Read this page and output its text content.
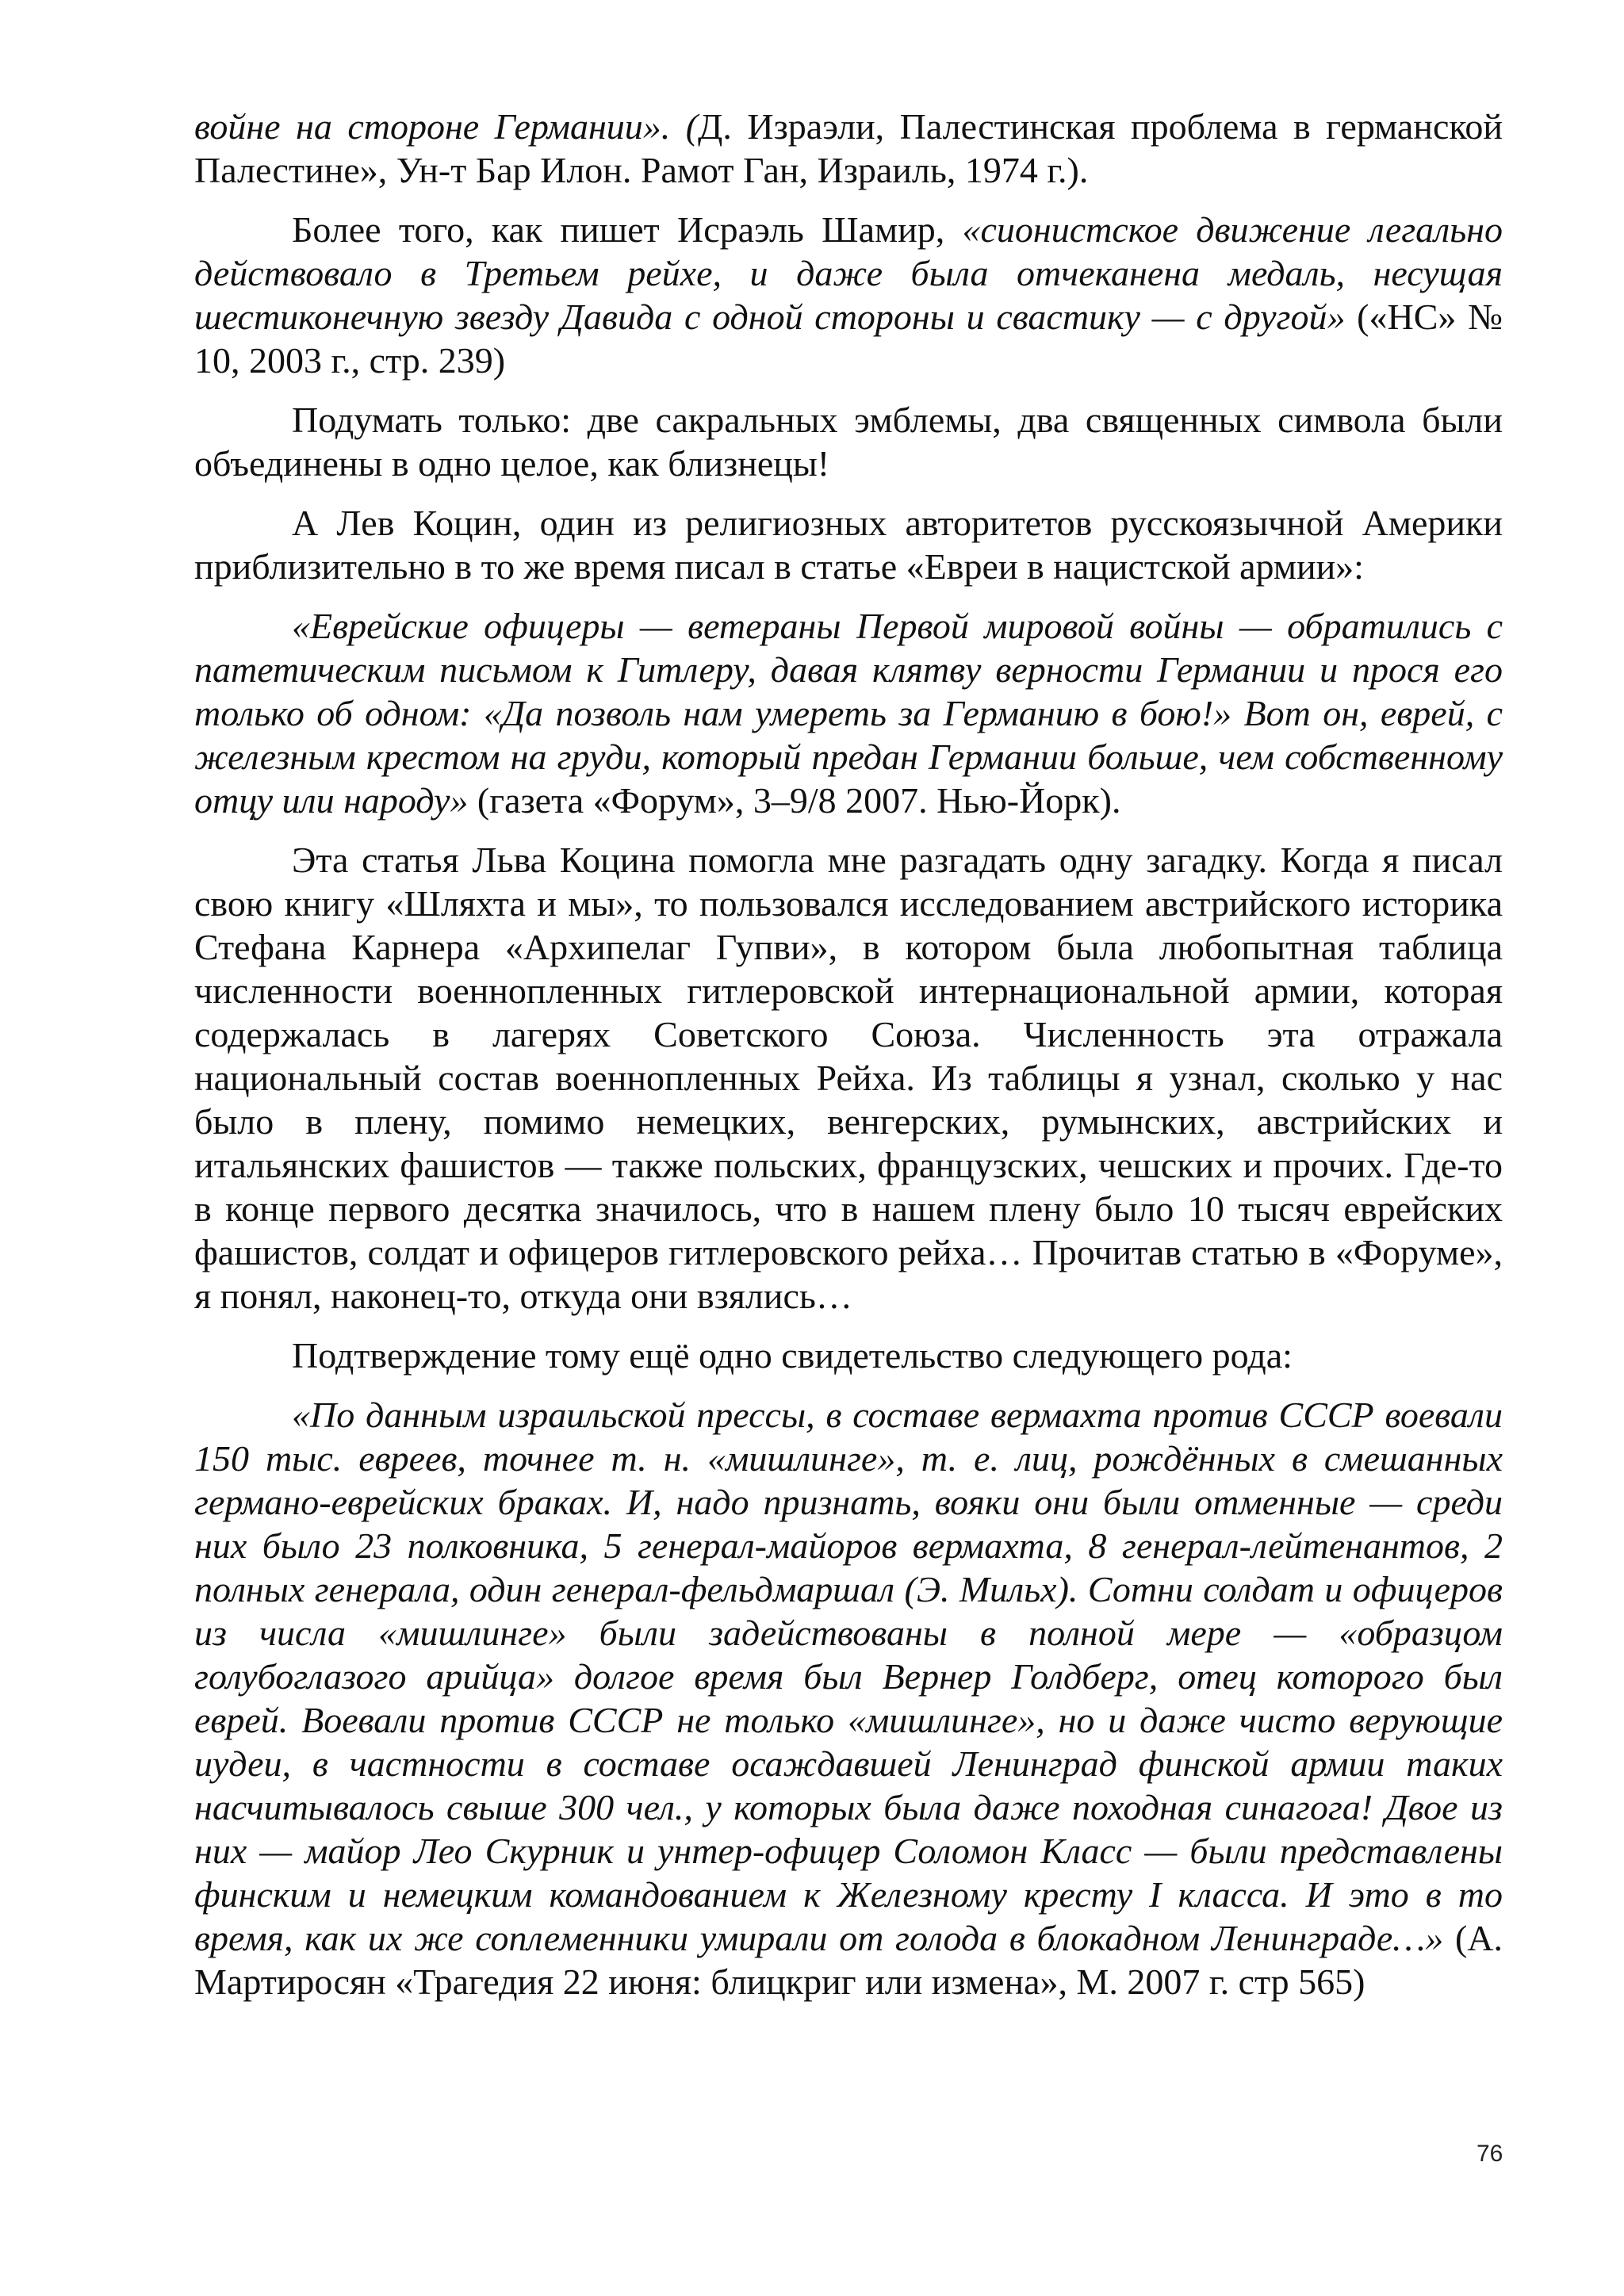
войне на стороне Германии». (Д. Израэли, Палестинская проблема в германской Палестине», Ун-т Бар Илон. Рамот Ган, Израиль, 1974 г.).

Более того, как пишет Исраэль Шамир, «сионистское движение легально действовало в Третьем рейхе, и даже была отчеканена медаль, несущая шестиконечную звезду Давида с одной стороны и свастику — с другой» («НС» № 10, 2003 г., стр. 239)

Подумать только: две сакральных эмблемы, два священных символа были объединены в одно целое, как близнецы!

А Лев Коцин, один из религиозных авторитетов русскоязычной Америки приблизительно в то же время писал в статье «Евреи в нацистской армии»:

«Еврейские офицеры — ветераны Первой мировой войны — обратились с патетическим письмом к Гитлеру, давая клятву верности Германии и прося его только об одном: «Да позволь нам умереть за Германию в бою!» Вот он, еврей, с железным крестом на груди, который предан Германии больше, чем собственному отцу или народу» (газета «Форум», 3–9/8 2007. Нью-Йорк).

Эта статья Льва Коцина помогла мне разгадать одну загадку. Когда я писал свою книгу «Шляхта и мы», то пользовался исследованием австрийского историка Стефана Карнера «Архипелаг Гупви», в котором была любопытная таблица численности военнопленных гитлеровской интернациональной армии, которая содержалась в лагерях Советского Союза. Численность эта отражала национальный состав военнопленных Рейха. Из таблицы я узнал, сколько у нас было в плену, помимо немецких, венгерских, румынских, австрийских и итальянских фашистов — также польских, французских, чешских и прочих. Где-то в конце первого десятка значилось, что в нашем плену было 10 тысяч еврейских фашистов, солдат и офицеров гитлеровского рейха… Прочитав статью в «Форуме», я понял, наконец-то, откуда они взялись…

Подтверждение тому ещё одно свидетельство следующего рода:

«По данным израильской прессы, в составе вермахта против СССР воевали 150 тыс. евреев, точнее т. н. «мишлинге», т. е. лиц, рождённых в смешанных германо-еврейских браках. И, надо признать, вояки они были отменные — среди них было 23 полковника, 5 генерал-майоров вермахта, 8 генерал-лейтенантов, 2 полных генерала, один генерал-фельдмаршал (Э. Мильх). Сотни солдат и офицеров из числа «мишлинге» были задействованы в полной мере — «образцом голубоглазого арийца» долгое время был Вернер Голдберг, отец которого был еврей. Воевали против СССР не только «мишлинге», но и даже чисто верующие иудеи, в частности в составе осаждавшей Ленинград финской армии таких насчитывалось свыше 300 чел., у которых была даже походная синагога! Двое из них — майор Лео Скурник и унтер-офицер Соломон Класс — были представлены финским и немецким командованием к Железному кресту I класса. И это в то время, как их же соплеменники умирали от голода в блокадном Ленинграде…» (А. Мартиросян «Трагедия 22 июня: блицкриг или измена», М. 2007 г. стр 565)

76
